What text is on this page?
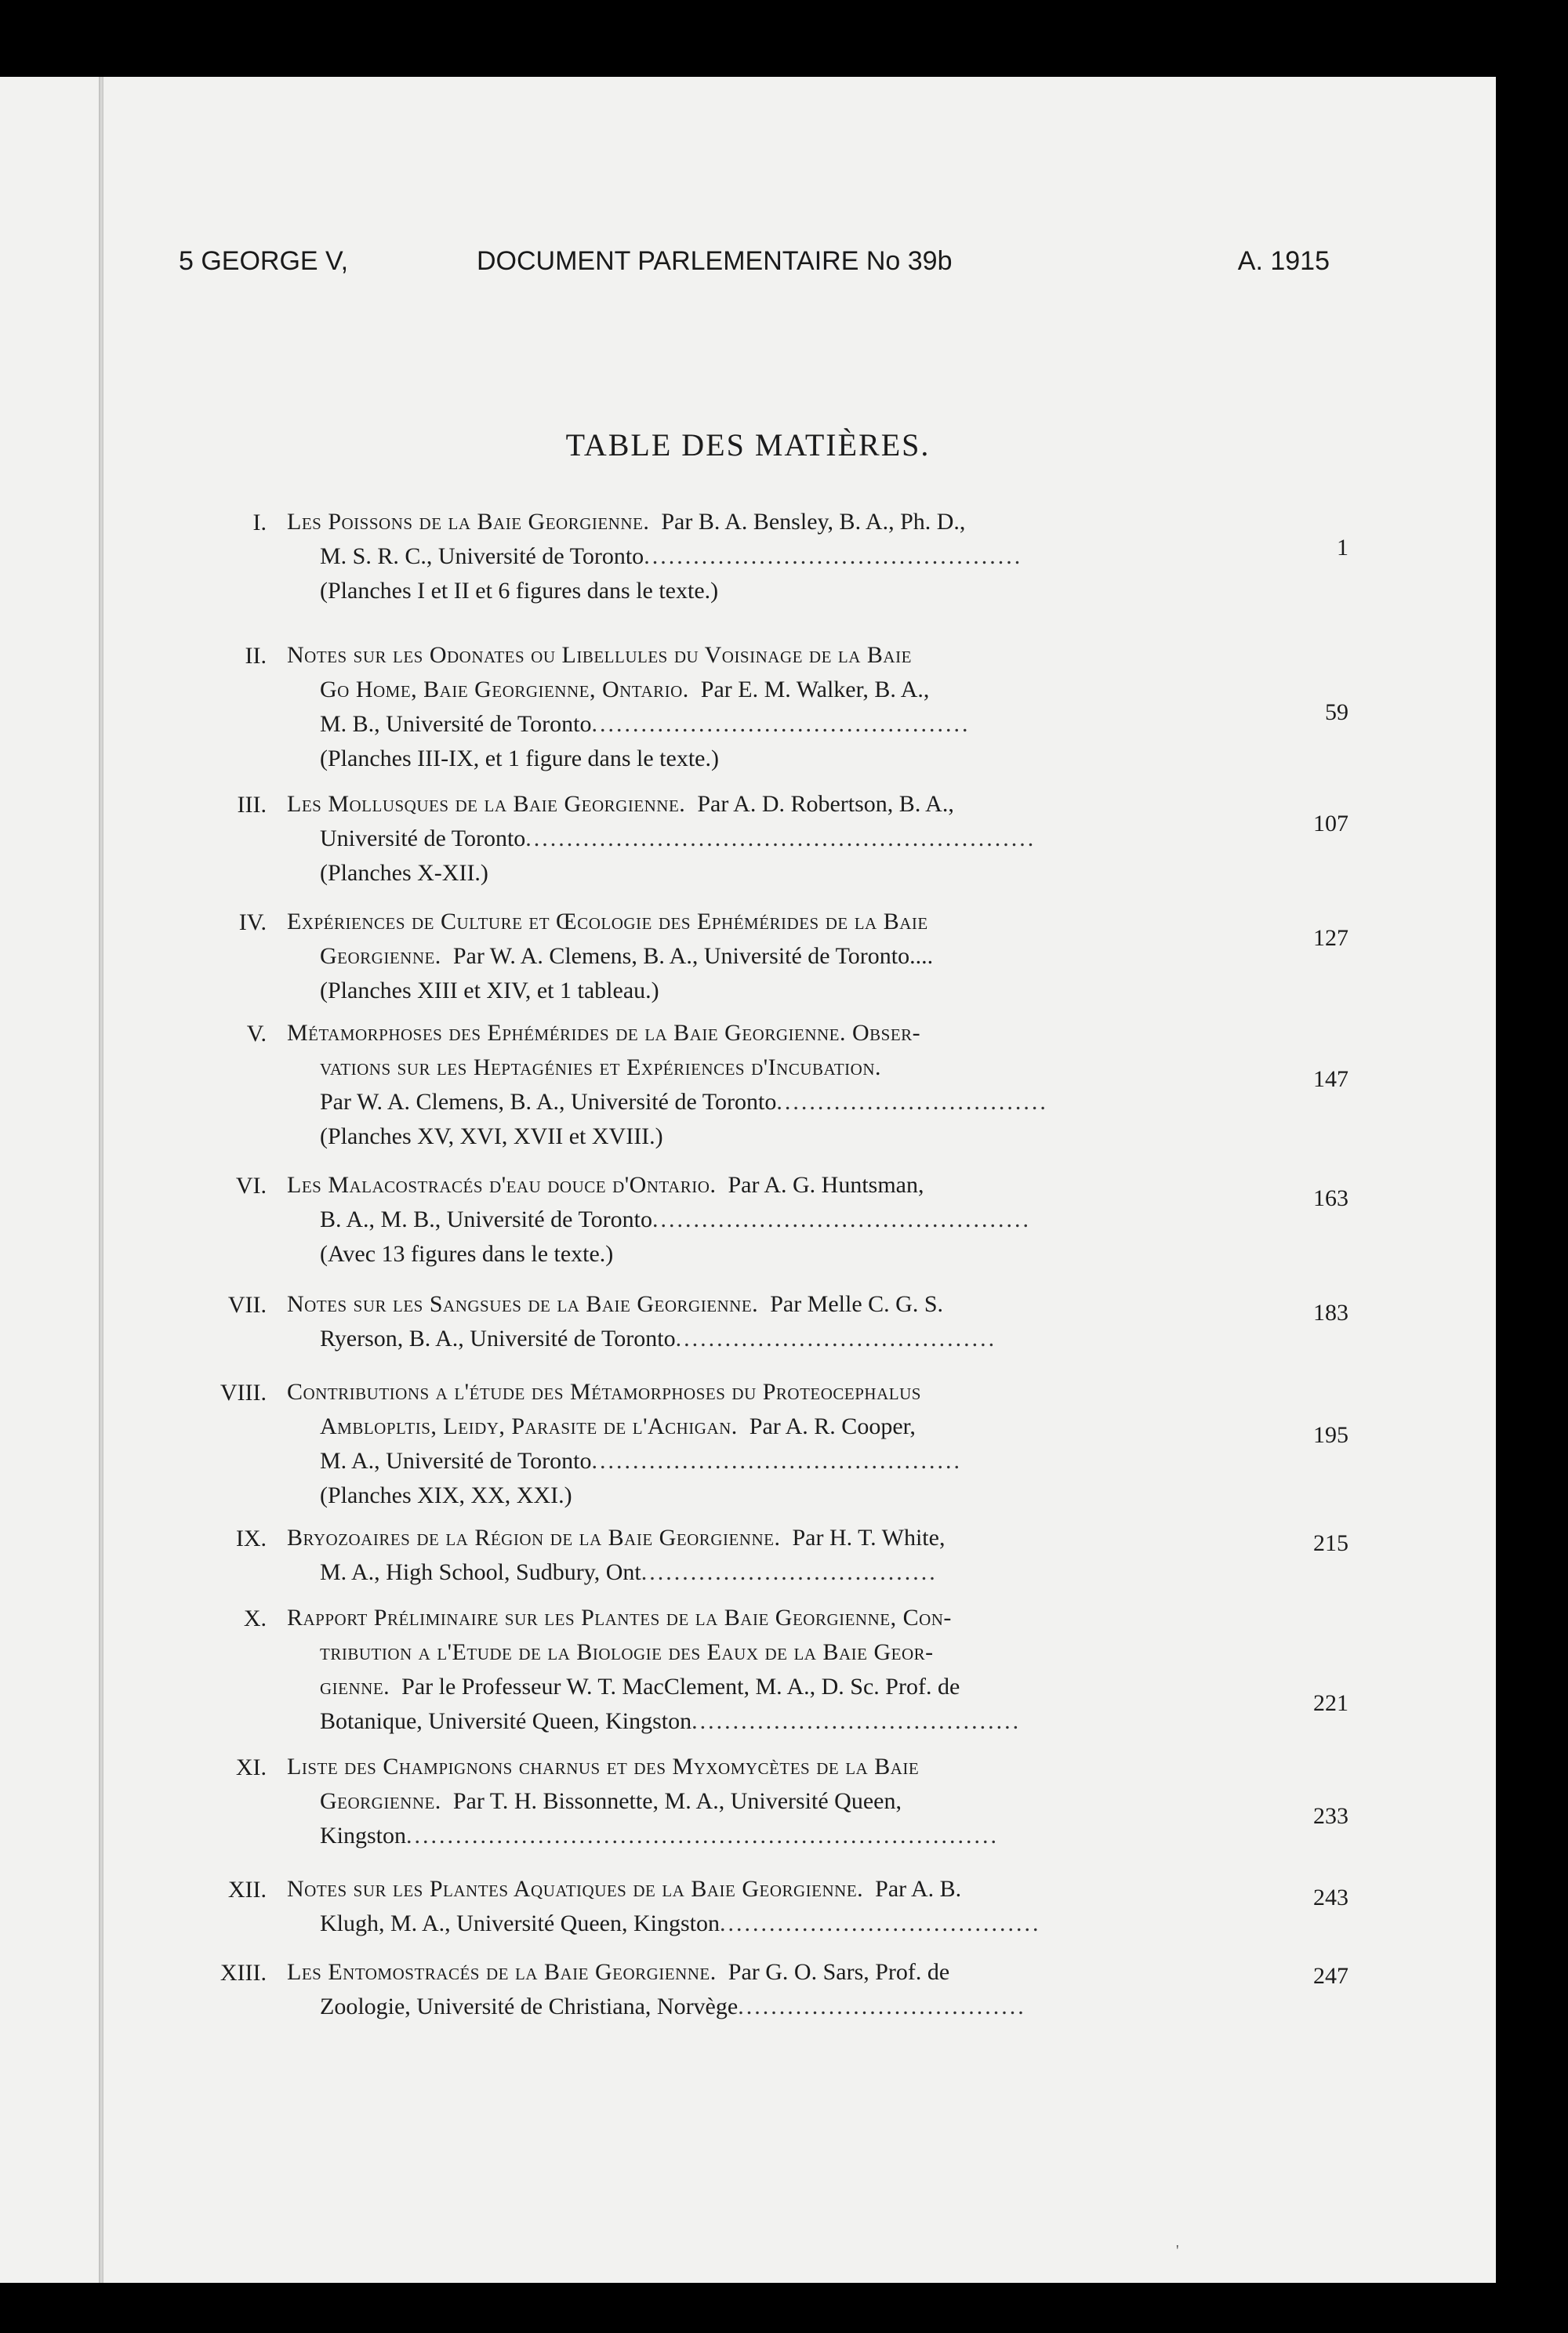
5 GEORGE V,	DOCUMENT PARLEMENTAIRE No 39b	A. 1915
TABLE DES MATIÈRES.
I. Les Poissons de la Baie Georgienne. Par B. A. Bensley, B. A., Ph. D.,
M. S. R. C., Université de Toronto..............................................
(Planches I et II et 6 figures dans le texte.)
1
II. Notes sur les Odonates ou Libellules du Voisinage de la Baie
Go Home, Baie Georgienne, Ontario. Par E. M. Walker, B. A.,
M. B., Université de Toronto..............................................
(Planches III-IX, et 1 figure dans le texte.)
59
III. Les Mollusques de la Baie Georgienne. Par A. D. Robertson, B. A.,
Université de Toronto..............................................................
(Planches X-XII.)
107
IV. Expériences de Culture et Œcologie des Ephémérides de la Baie
Georgienne. Par W. A. Clemens, B. A., Université de Toronto....
(Planches XIII et XIV, et 1 tableau.)
127
V. Métamorphoses des Ephémérides de la Baie Georgienne. Obser-
vations sur les Heptagénies et Expériences d'Incubation.
Par W. A. Clemens, B. A., Université de Toronto.................................
(Planches XV, XVI, XVII et XVIII.)
147
VI. Les Malacostracés d'eau douce d'Ontario. Par A. G. Huntsman,
B. A., M. B., Université de Toronto..............................................
(Avec 13 figures dans le texte.)
163
VII. Notes sur les Sangsues de la Baie Georgienne. Par Melle C. G. S.
Ryerson, B. A., Université de Toronto.......................................
183
VIII. Contributions a l'étude des Métamorphoses du Proteocephalus
Amblopltis, Leidy, Parasite de l'Achigan. Par A. R. Cooper,
M. A., Université de Toronto.............................................
(Planches XIX, XX, XXI.)
195
IX. Bryozoaires de la Région de la Baie Georgienne. Par H. T. White,
M. A., High School, Sudbury, Ont....................................
215
X. Rapport Préliminaire sur les Plantes de la Baie Georgienne, Con-
tribution a l'Etude de la Biologie des Eaux de la Baie Geor-
gienne. Par le Professeur W. T. MacClement, M. A., D. Sc. Prof. de
Botanique, Université Queen, Kingston........................................
221
XI. Liste des Champignons charnus et des Myxomycètes de la Baie
Georgienne. Par T. H. Bissonnette, M. A., Université Queen,
Kingston........................................................................
233
XII. Notes sur les Plantes Aquatiques de la Baie Georgienne. Par A. B.
Klugh, M. A., Université Queen, Kingston.......................................
243
XIII. Les Entomostracés de la Baie Georgienne. Par G. O. Sars, Prof. de
Zoologie, Université de Christiana, Norvège...................................
247
'
